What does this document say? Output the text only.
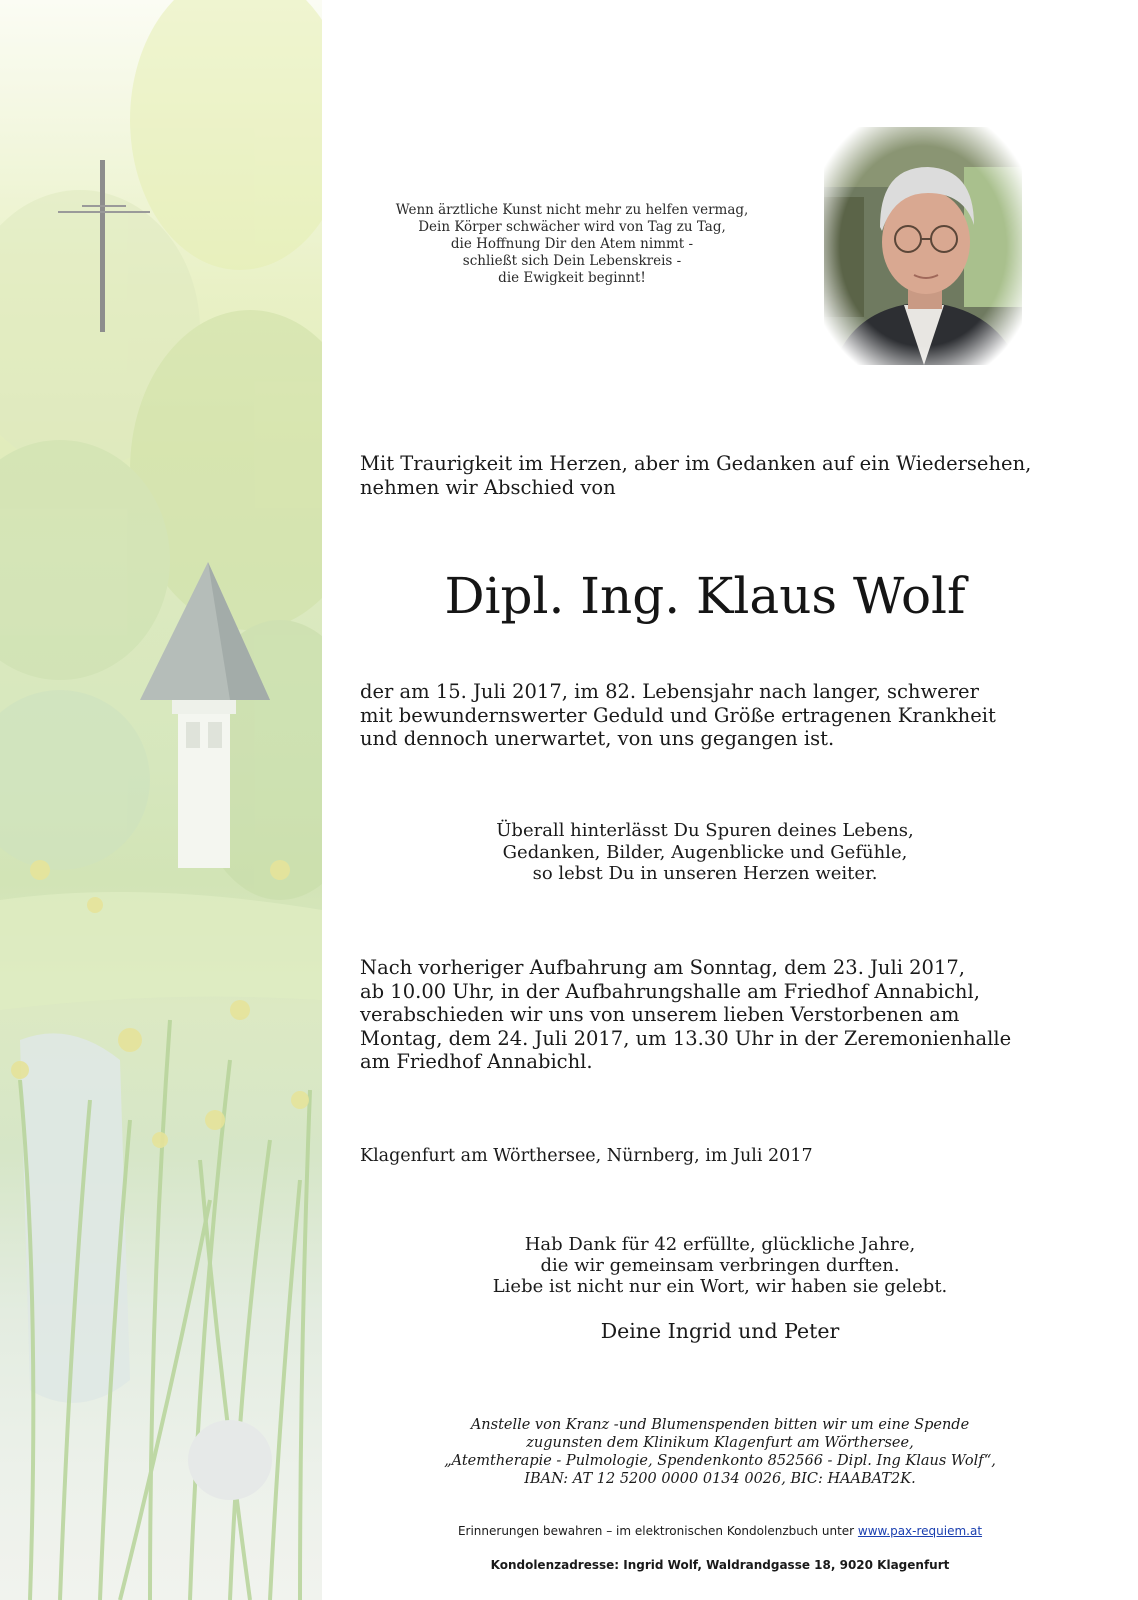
Wenn ärztliche Kunst nicht mehr zu helfen vermag,
Dein Körper schwächer wird von Tag zu Tag,
die Hoffnung Dir den Atem nimmt -
schließt sich Dein Lebenskreis -
die Ewigkeit beginnt!
Mit Traurigkeit im Herzen, aber im Gedanken auf ein Wiedersehen,
nehmen wir Abschied von
Dipl. Ing. Klaus Wolf
der am 15. Juli 2017, im 82. Lebensjahr nach langer, schwerer
mit bewundernswerter Geduld und Größe ertragenen Krankheit
und dennoch unerwartet, von uns gegangen ist.
Überall hinterlässt Du Spuren deines Lebens,
Gedanken, Bilder, Augenblicke und Gefühle,
so lebst Du in unseren Herzen weiter.
Nach vorheriger Aufbahrung am Sonntag, dem 23. Juli 2017,
ab 10.00 Uhr, in der Aufbahrungshalle am Friedhof Annabichl,
verabschieden wir uns von unserem lieben Verstorbenen am
Montag, dem 24. Juli 2017, um 13.30 Uhr in der Zeremonienhalle
am Friedhof Annabichl.
Klagenfurt am Wörthersee, Nürnberg, im Juli 2017
Hab Dank für 42 erfüllte, glückliche Jahre,
die wir gemeinsam verbringen durften.
Liebe ist nicht nur ein Wort, wir haben sie gelebt.
Deine Ingrid und Peter
Anstelle von Kranz -und Blumenspenden bitten wir um eine Spende
zugunsten dem Klinikum Klagenfurt am Wörthersee,
„Atemtherapie - Pulmologie, Spendenkonto 852566 - Dipl. Ing Klaus Wolf“,
IBAN: AT 12 5200 0000 0134 0026, BIC: HAABAT2K.
Erinnerungen bewahren – im elektronischen Kondolenzbuch unter www.pax-requiem.at
Kondolenzadresse: Ingrid Wolf, Waldrandgasse 18, 9020 Klagenfurt
